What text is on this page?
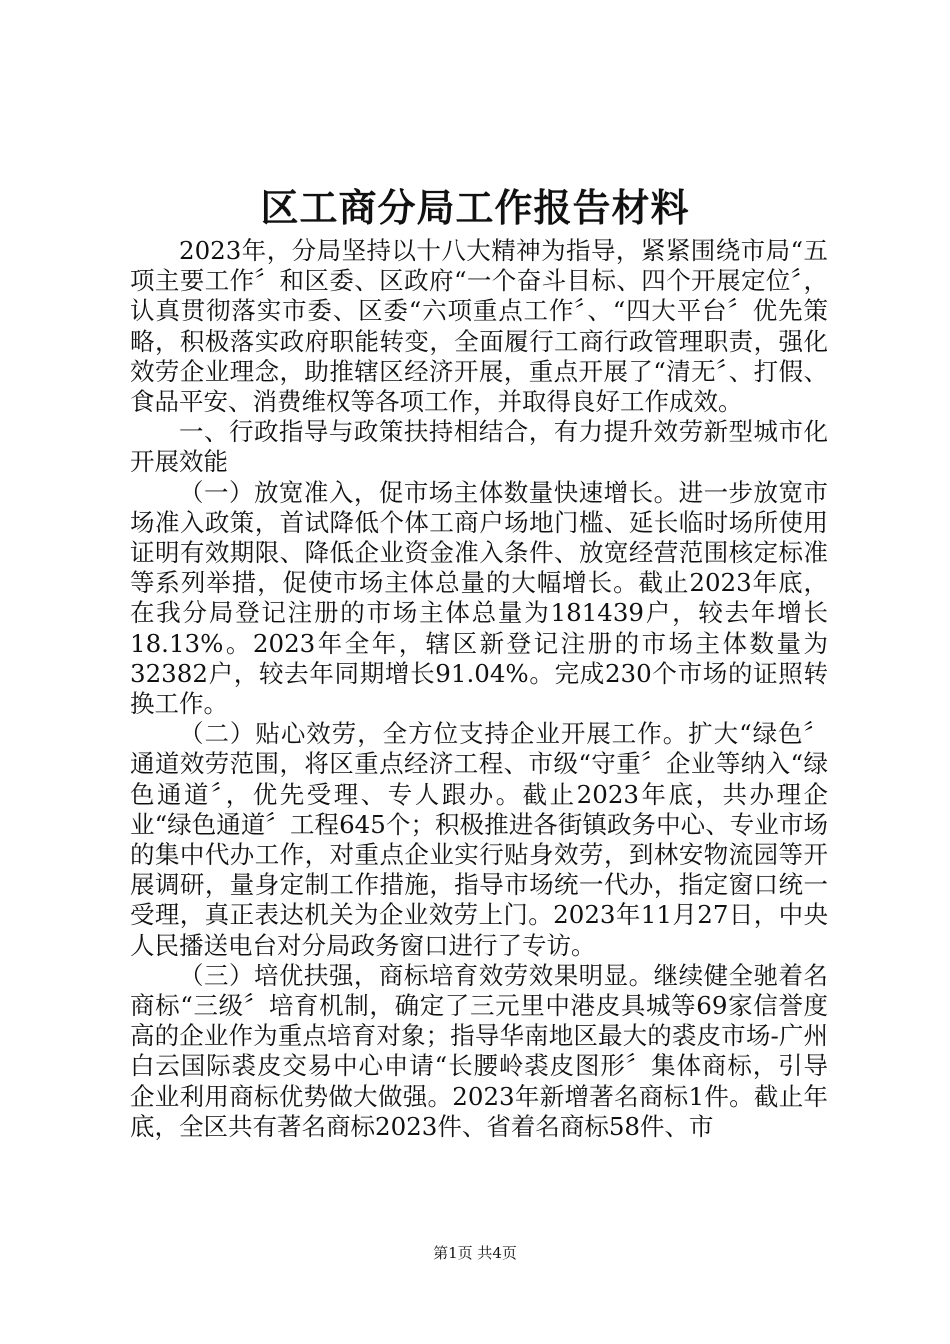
区工商分局工作报告材料

2023年，分局坚持以十八大精神为指导，紧紧围绕市局“五项主要工作〞和区委、区政府“一个奋斗目标、四个开展定位〞，认真贯彻落实市委、区委“六项重点工作〞、“四大平台〞优先策略，积极落实政府职能转变，全面履行工商行政管理职责，强化效劳企业理念，助推辖区经济开展，重点开展了“清无〞、打假、食品平安、消费维权等各项工作，并取得良好工作成效。

一、行政指导与政策扶持相结合，有力提升效劳新型城市化开展效能

（一）放宽准入，促市场主体数量快速增长。进一步放宽市场准入政策，首试降低个体工商户场地门槛、延长临时场所使用证明有效期限、降低企业资金准入条件、放宽经营范围核定标准等系列举措，促使市场主体总量的大幅增长。截止2023年底，在我分局登记注册的市场主体总量为181439户，较去年增长18.13%。2023年全年，辖区新登记注册的市场主体数量为32382户，较去年同期增长91.04%。完成230个市场的证照转换工作。

（二）贴心效劳，全方位支持企业开展工作。扩大“绿色〞通道效劳范围，将区重点经济工程、市级“守重〞企业等纳入“绿色通道〞，优先受理、专人跟办。截止2023年底，共办理企业“绿色通道〞工程645个；积极推进各街镇政务中心、专业市场的集中代办工作，对重点企业实行贴身效劳，到林安物流园等开展调研，量身定制工作措施，指导市场统一代办，指定窗口统一受理，真正表达机关为企业效劳上门。2023年11月27日，中央人民播送电台对分局政务窗口进行了专访。

（三）培优扶强，商标培育效劳效果明显。继续健全驰着名商标“三级〞培育机制，确定了三元里中港皮具城等69家信誉度高的企业作为重点培育对象；指导华南地区最大的裘皮市场-广州白云国际裘皮交易中心申请“长腰岭裘皮图形〞集体商标，引导企业利用商标优势做大做强。2023年新增著名商标1件。截止年底，全区共有著名商标2023件、省着名商标58件、市

第1页 共4页
